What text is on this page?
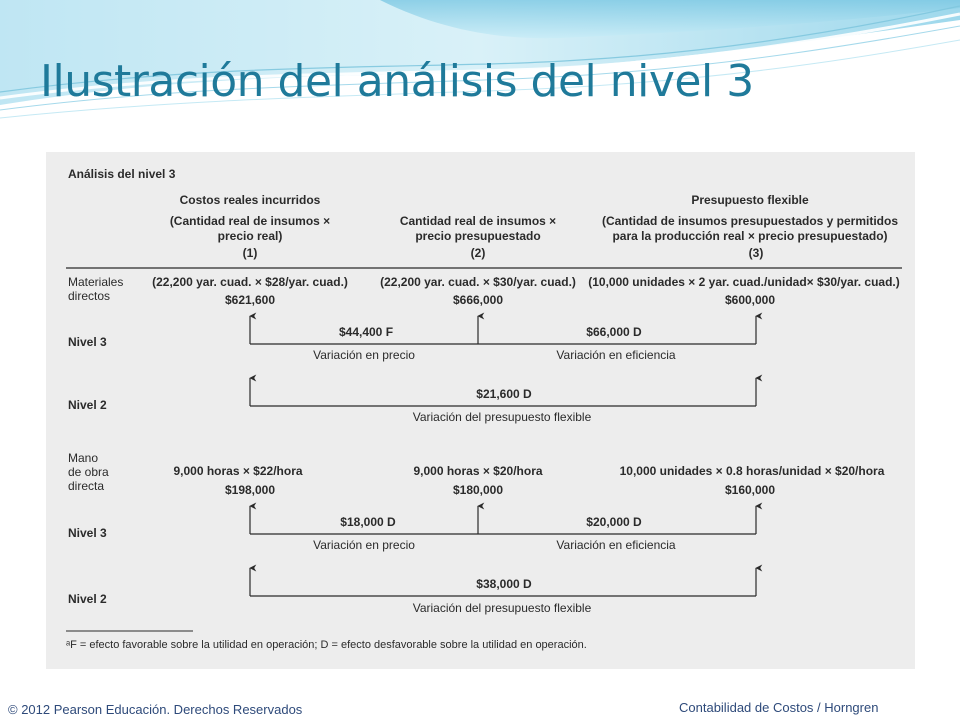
Ilustración del análisis del nivel 3
Análisis del nivel 3
Costos reales incurridos
(Cantidad real de insumos ×
precio real)
(1)
Cantidad real de insumos ×
precio presupuestado
(2)
Presupuesto flexible
(Cantidad de insumos presupuestados y permitidos
para la producción real × precio presupuestado)
(3)
Materiales
directos
(22,200 yar. cuad. × $28/yar. cuad.)	(22,200 yar. cuad. × $30/yar. cuad.) (10,000 unidades × 2 yar. cuad./unidad× $30/yar. cuad.)
$621,600	$666,000	$600,000
Nivel 3
$44,400 F	$66,000 D
Variación en precio	Variación en eficiencia
Nivel 2
$21,600 D
Variación del presupuesto flexible
Mano
de obra
directa
9,000 horas × $22/hora	9,000 horas × $20/hora	10,000 unidades × 0.8 horas/unidad × $20/hora
$198,000	$180,000	$160,000
Nivel 3
$18,000 D	$20,000 D
Variación en precio	Variación en eficiencia
Nivel 2
$38,000 D
Variación del presupuesto flexible
ᵃF = efecto favorable sobre la utilidad en operación; D = efecto desfavorable sobre la utilidad en operación.
© 2012 Pearson Educación. Derechos Reservados	Contabilidad de Costos / Horngren
